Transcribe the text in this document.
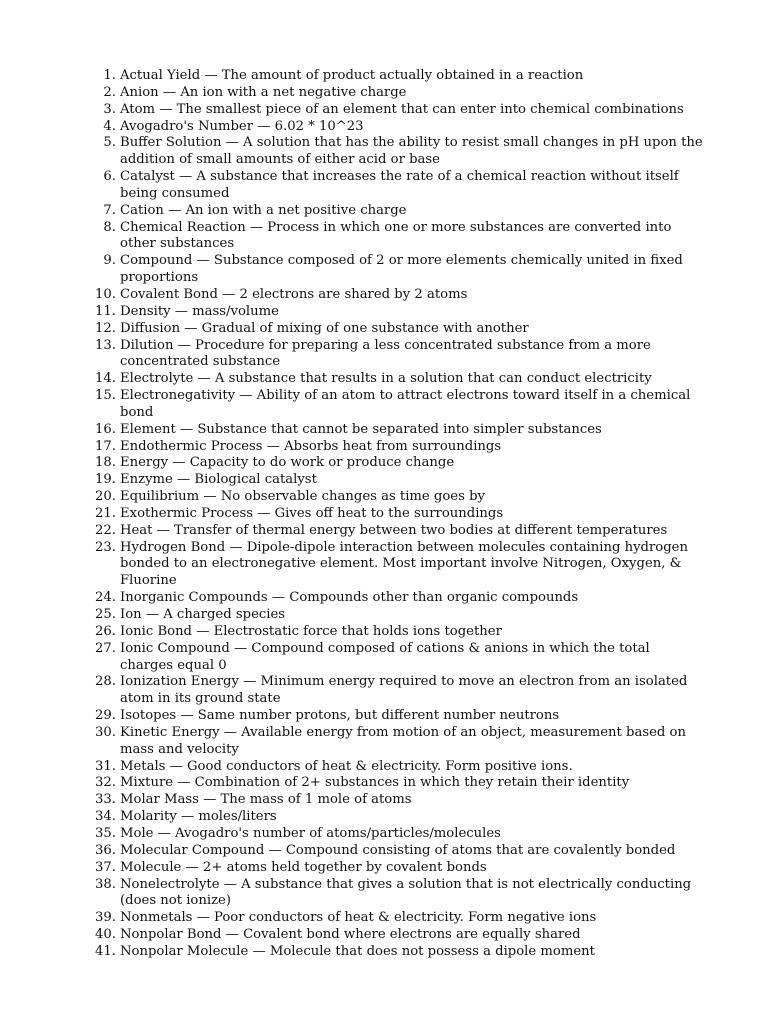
1. Actual Yield — The amount of product actually obtained in a reaction
2. Anion — An ion with a net negative charge
3. Atom — The smallest piece of an element that can enter into chemical combinations
4. Avogadro's Number — 6.02 * 10^23
5. Buffer Solution — A solution that has the ability to resist small changes in pH upon the addition of small amounts of either acid or base
6. Catalyst — A substance that increases the rate of a chemical reaction without itself being consumed
7. Cation — An ion with a net positive charge
8. Chemical Reaction — Process in which one or more substances are converted into other substances
9. Compound — Substance composed of 2 or more elements chemically united in fixed proportions
10. Covalent Bond — 2 electrons are shared by 2 atoms
11. Density — mass/volume
12. Diffusion — Gradual of mixing of one substance with another
13. Dilution — Procedure for preparing a less concentrated substance from a more concentrated substance
14. Electrolyte — A substance that results in a solution that can conduct electricity
15. Electronegativity — Ability of an atom to attract electrons toward itself in a chemical bond
16. Element — Substance that cannot be separated into simpler substances
17. Endothermic Process — Absorbs heat from surroundings
18. Energy — Capacity to do work or produce change
19. Enzyme — Biological catalyst
20. Equilibrium — No observable changes as time goes by
21. Exothermic Process — Gives off heat to the surroundings
22. Heat — Transfer of thermal energy between two bodies at different temperatures
23. Hydrogen Bond — Dipole-dipole interaction between molecules containing hydrogen bonded to an electronegative element. Most important involve Nitrogen, Oxygen, & Fluorine
24. Inorganic Compounds — Compounds other than organic compounds
25. Ion — A charged species
26. Ionic Bond — Electrostatic force that holds ions together
27. Ionic Compound — Compound composed of cations & anions in which the total charges equal 0
28. Ionization Energy — Minimum energy required to move an electron from an isolated atom in its ground state
29. Isotopes — Same number protons, but different number neutrons
30. Kinetic Energy — Available energy from motion of an object, measurement based on mass and velocity
31. Metals — Good conductors of heat & electricity. Form positive ions.
32. Mixture — Combination of 2+ substances in which they retain their identity
33. Molar Mass — The mass of 1 mole of atoms
34. Molarity — moles/liters
35. Mole — Avogadro's number of atoms/particles/molecules
36. Molecular Compound — Compound consisting of atoms that are covalently bonded
37. Molecule — 2+ atoms held together by covalent bonds
38. Nonelectrolyte — A substance that gives a solution that is not electrically conducting (does not ionize)
39. Nonmetals — Poor conductors of heat & electricity. Form negative ions
40. Nonpolar Bond — Covalent bond where electrons are equally shared
41. Nonpolar Molecule — Molecule that does not possess a dipole moment
